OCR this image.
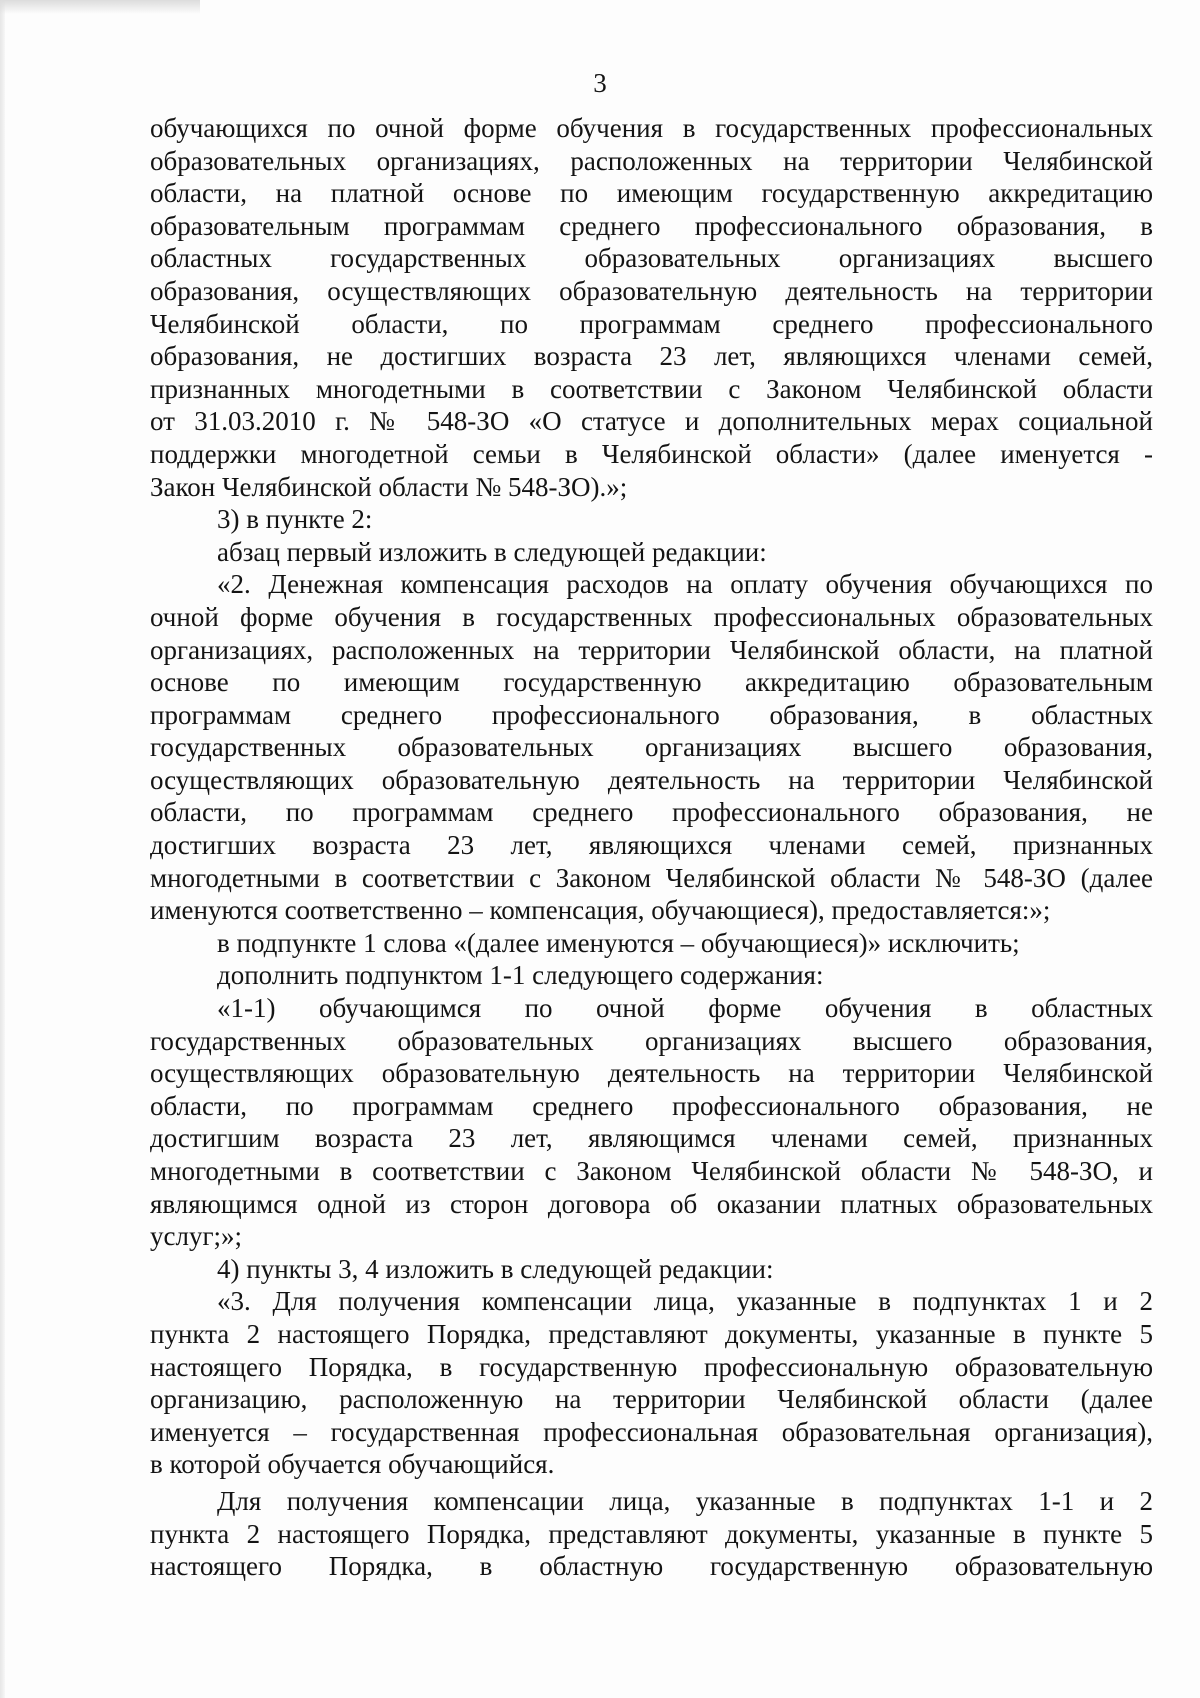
3
обучающихся по очной форме обучения в государственных профессиональных
образовательных организациях, расположенных на территории Челябинской
области, на платной основе по имеющим государственную аккредитацию
образовательным программам среднего профессионального образования, в
областных государственных образовательных организациях высшего
образования, осуществляющих образовательную деятельность на территории
Челябинской области, по программам среднего профессионального
образования, не достигших возраста 23 лет, являющихся членами семей,
признанных многодетными в соответствии с Законом Челябинской области
от 31.03.2010 г. № 548-ЗО «О статусе и дополнительных мерах социальной
поддержки многодетной семьи в Челябинской области» (далее именуется -
Закон Челябинской области № 548-ЗО).»;
3) в пункте 2:
абзац первый изложить в следующей редакции:
«2. Денежная компенсация расходов на оплату обучения обучающихся по
очной форме обучения в государственных профессиональных образовательных
организациях, расположенных на территории Челябинской области, на платной
основе по имеющим государственную аккредитацию образовательным
программам среднего профессионального образования, в областных
государственных образовательных организациях высшего образования,
осуществляющих образовательную деятельность на территории Челябинской
области, по программам среднего профессионального образования, не
достигших возраста 23 лет, являющихся членами семей, признанных
многодетными в соответствии с Законом Челябинской области № 548-ЗО (далее
именуются соответственно – компенсация, обучающиеся), предоставляется:»;
в подпункте 1 слова «(далее именуются – обучающиеся)» исключить;
дополнить подпунктом 1-1 следующего содержания:
«1-1) обучающимся по очной форме обучения в областных
государственных образовательных организациях высшего образования,
осуществляющих образовательную деятельность на территории Челябинской
области, по программам среднего профессионального образования, не
достигшим возраста 23 лет, являющимся членами семей, признанных
многодетными в соответствии с Законом Челябинской области № 548-ЗО, и
являющимся одной из сторон договора об оказании платных образовательных
услуг;»;
4) пункты 3, 4 изложить в следующей редакции:
«3. Для получения компенсации лица, указанные в подпунктах 1 и 2
пункта 2 настоящего Порядка, представляют документы, указанные в пункте 5
настоящего Порядка, в государственную профессиональную образовательную
организацию, расположенную на территории Челябинской области (далее
именуется – государственная профессиональная образовательная организация),
в которой обучается обучающийся.
Для получения компенсации лица, указанные в подпунктах 1-1 и 2
пункта 2 настоящего Порядка, представляют документы, указанные в пункте 5
настоящего Порядка, в областную государственную образовательную
